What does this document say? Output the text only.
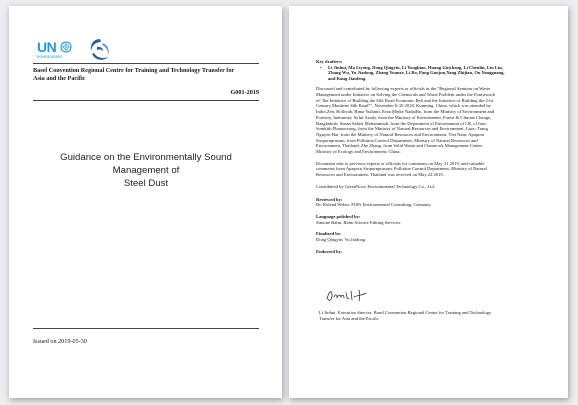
UN
environment
Basel Convention Regional Centre for Training and Technology Transfer for
Asia and the Pacific
G001-2019
Guidance on the Environmentally Sound Management of
Steel Dust
Issued on 2019-05-30

Key drafters:

•	Li Jinhui, Ma Liyong, Dong Qingyin, Li Yongbiao, Huang Guicheng, Li Chenlin, Liu Lin,

Zhang Wu, Yu Jiadong, Zhang Yuanze, Li Bo, Pang Guojun,Yang Zhijian, Ou Yangguang,

and Kang Jianfeng.

Discussed and contributed by following experts or officials in the "Regional Seminar on Waste

Management under Initiative on Solving the Chemicals and Waste Problem under the Framework

of "the Initiative of Building the Silk Road Economic Belt and the Initiative of Building the 21st

Century Maritime Silk Road"", November 6-10 2018, Kunming, China, which was attended by

Indra Zen, Rolliyah, Rima Yulianti, Erna Meike NaibaBo, from the Ministry of Environment and

Forestry, Indonesia; Syful Azrah, from the Ministry of Environment, Forest & Climate Change,

Bangladesh; Susan Sabeti Mohammadi, from the Department of Environment of I.R. of Iran;

Somkith Phanouvong, from the Ministry of Natural Resources and Environment, Laos; Trang

Nguyen Hai, from the Ministry of Natural Resources and Environment, Viet Nam; Apaporn

Siripornprasarn, from Pollution Control Department, Ministry of Natural Resources and

Environment, Thailand; Zhe Zhang, from Solid Waste and Chemicals Management Center,

Ministry of Ecology and Environment, China.

Document sent to previous experts or officials for comments on May 21 2019, and valuable

comments from Apaporn Siripornprasarn, Pollution Control Department, Ministry of Natural

Resources and Environment, Thailand was received on May 22 2019.

Contributed by GreenNovo Environmental Technology Co., Ltd.

Reviewed by:

Dr. Roland Weber, POPs Environmental Consulting, Germany.

Language polished by:

Simone Balm, Balm Science Editing Services.

Finalized by:

Dong Qingyin, Yu Jiadong

Endorsed by:

Li Jinhui, Executive director, Basel Convention Regional Centre for Training and Technology

Transfer for Asia and the Pacific
